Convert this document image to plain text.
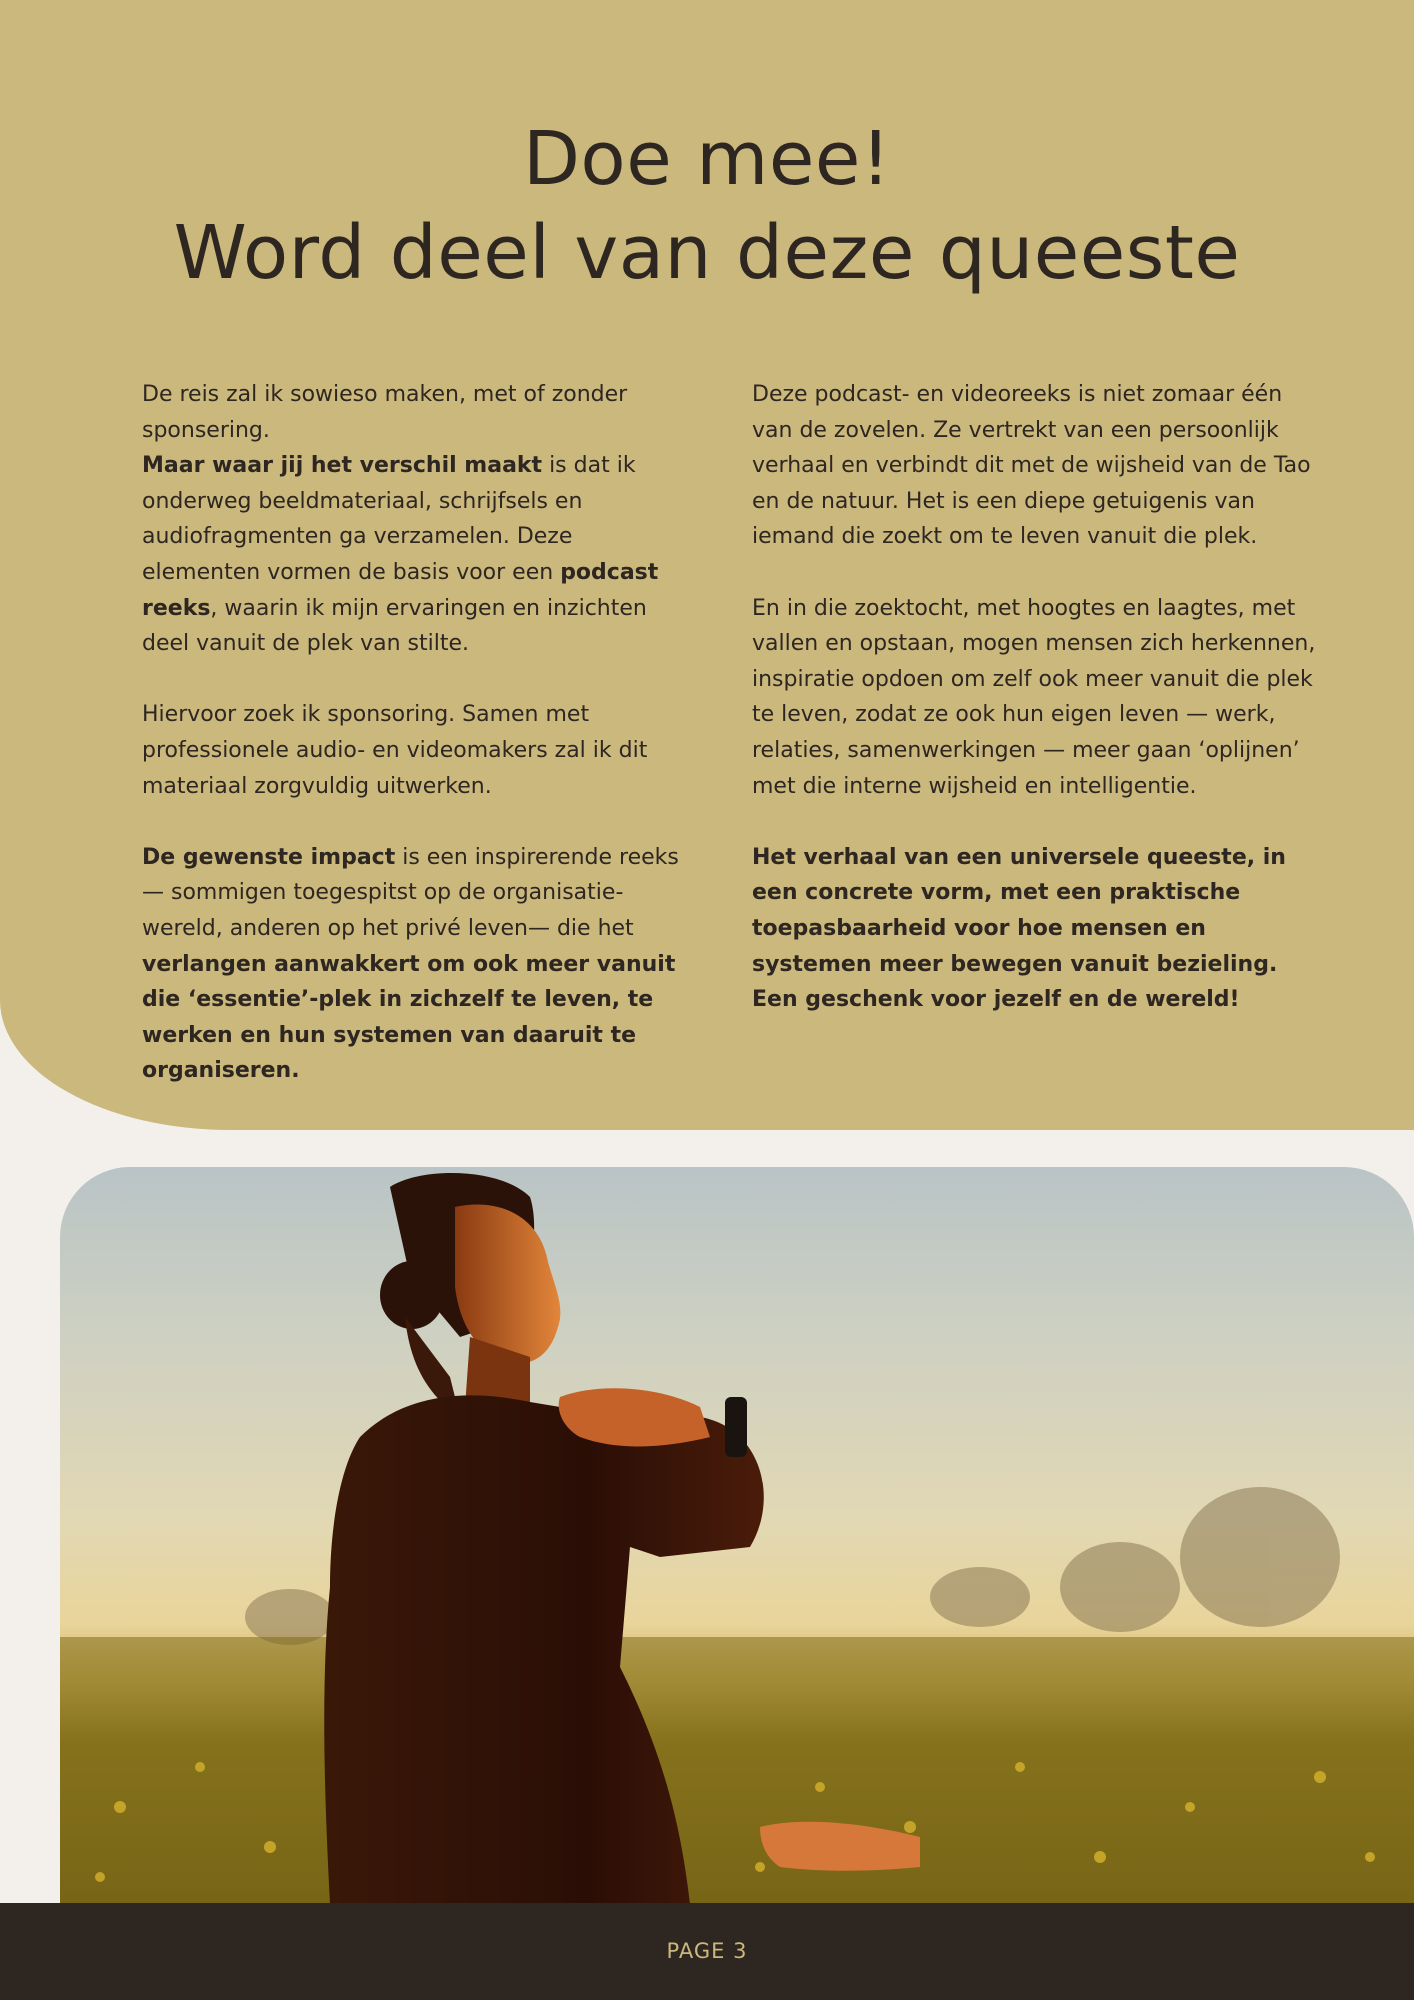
Doe mee!
Word deel van deze queeste

De reis zal ik sowieso maken, met of zonder sponsering.
Maar waar jij het verschil maakt is dat ik onderweg beeldmateriaal, schrijfsels en audiofragmenten ga verzamelen. Deze elementen vormen de basis voor een podcast reeks, waarin ik mijn ervaringen en inzichten deel vanuit de plek van stilte.

Hiervoor zoek ik sponsoring. Samen met professionele audio- en videomakers zal ik dit materiaal zorgvuldig uitwerken.

De gewenste impact is een inspirerende reeks — sommigen toegespitst op de organisatie-wereld, anderen op het privé leven— die het verlangen aanwakkert om ook meer vanuit die ‘essentie’-plek in zichzelf te leven, te werken en hun systemen van daaruit te organiseren.

Deze podcast- en videoreeks is niet zomaar één van de zovelen. Ze vertrekt van een persoonlijk verhaal en verbindt dit met de wijsheid van de Tao en de natuur. Het is een diepe getuigenis van iemand die zoekt om te leven vanuit die plek.

En in die zoektocht, met hoogtes en laagtes, met vallen en opstaan, mogen mensen zich herkennen, inspiratie opdoen om zelf ook meer vanuit die plek te leven, zodat ze ook hun eigen leven — werk, relaties, samenwerkingen — meer gaan ‘oplijnen’ met die interne wijsheid en intelligentie.

Het verhaal van een universele queeste, in een concrete vorm, met een praktische toepasbaarheid voor hoe mensen en systemen meer bewegen vanuit bezieling. Een geschenk voor jezelf en de wereld!

PAGE 3
